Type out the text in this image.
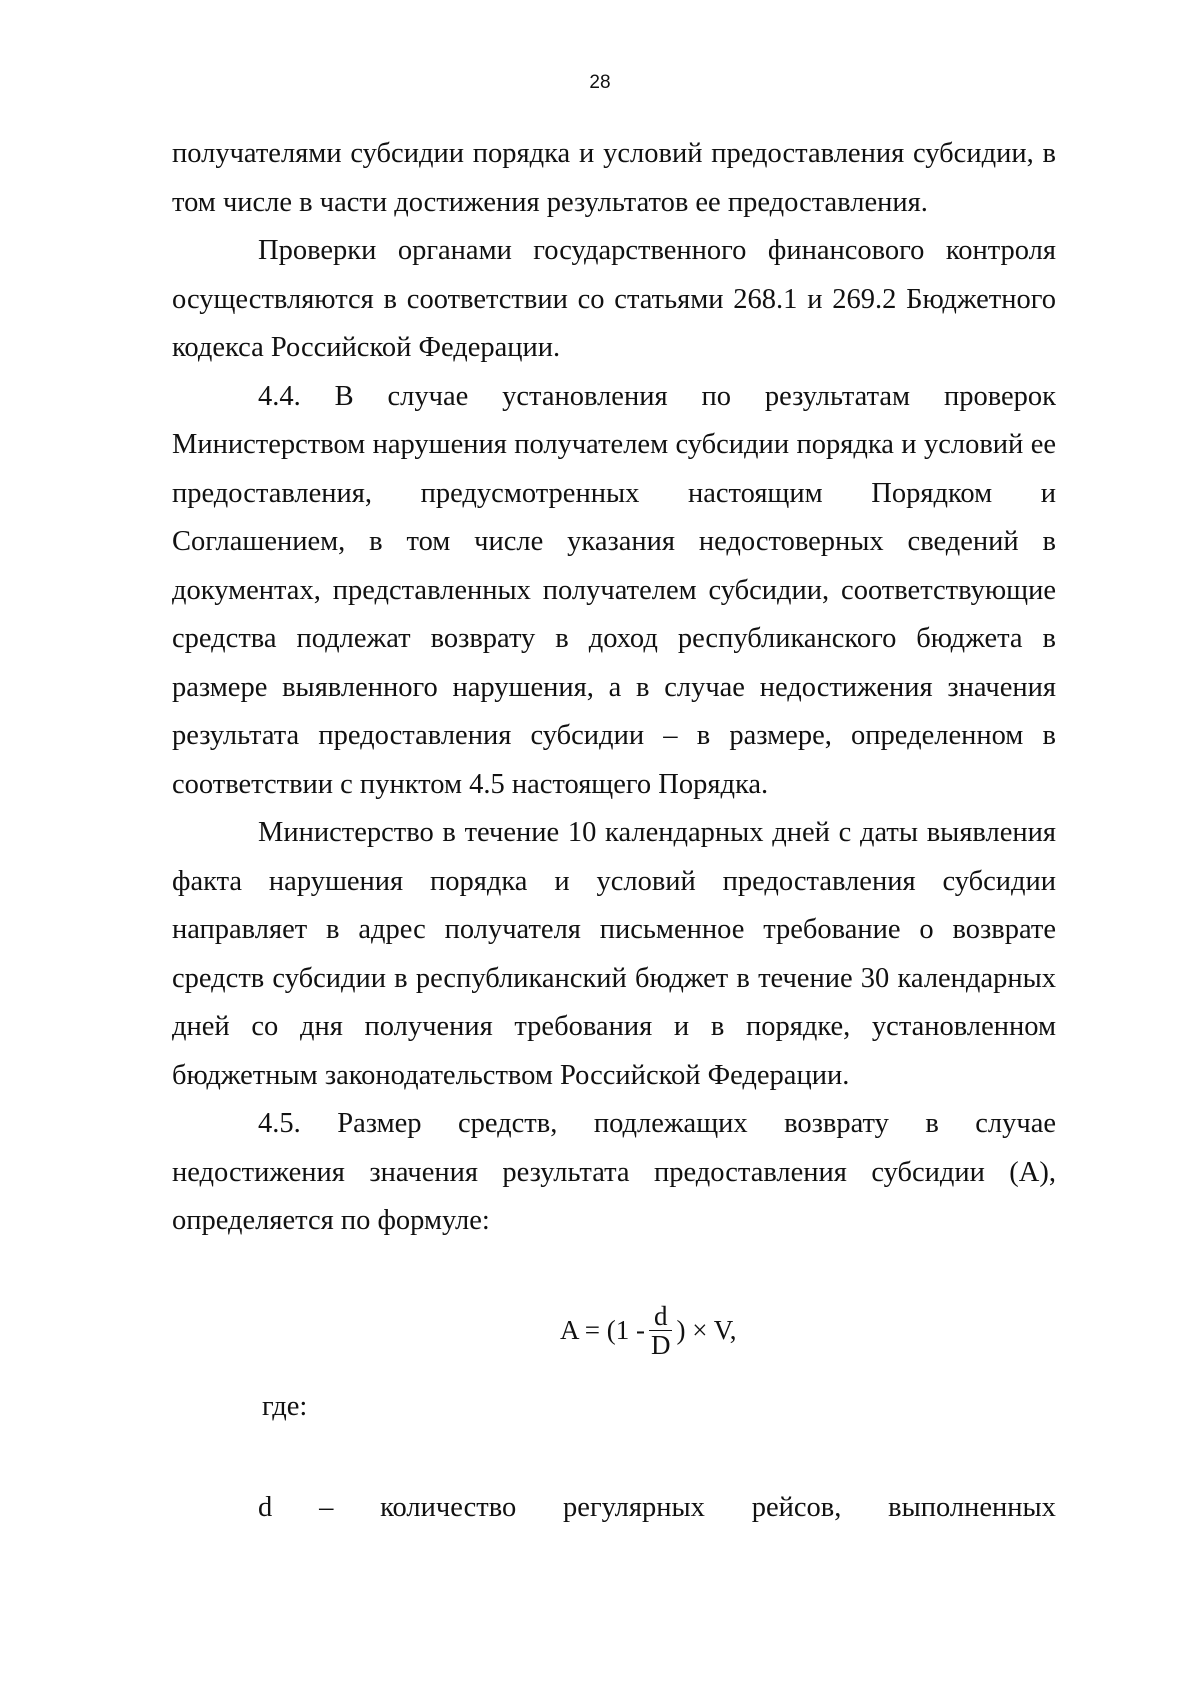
28

получателями субсидии порядка и условий предоставления субсидии, в том числе в части достижения результатов ее предоставления.

Проверки органами государственного финансового контроля осуществляются в соответствии со статьями 268.1 и 269.2 Бюджетного кодекса Российской Федерации.

4.4. В случае установления по результатам проверок Министерством нарушения получателем субсидии порядка и условий ее предоставления, предусмотренных настоящим Порядком и Соглашением, в том числе указания недостоверных сведений в документах, представленных получателем субсидии, соответствующие средства подлежат возврату в доход республиканского бюджета в размере выявленного нарушения, а в случае недостижения значения результата предоставления субсидии – в размере, определенном в соответствии с пунктом 4.5 настоящего Порядка.

Министерство в течение 10 календарных дней с даты выявления факта нарушения порядка и условий предоставления субсидии направляет в адрес получателя письменное требование о возврате средств субсидии в республиканский бюджет в течение 30 календарных дней со дня получения требования и в порядке, установленном бюджетным законодательством Российской Федерации.

4.5. Размер средств, подлежащих возврату в случае недостижения значения результата предоставления субсидии (A), определяется по формуле:

$A = (1 - \frac{d}{D}$ ) × V,
где:
d – количество регулярных рейсов, выполненных
